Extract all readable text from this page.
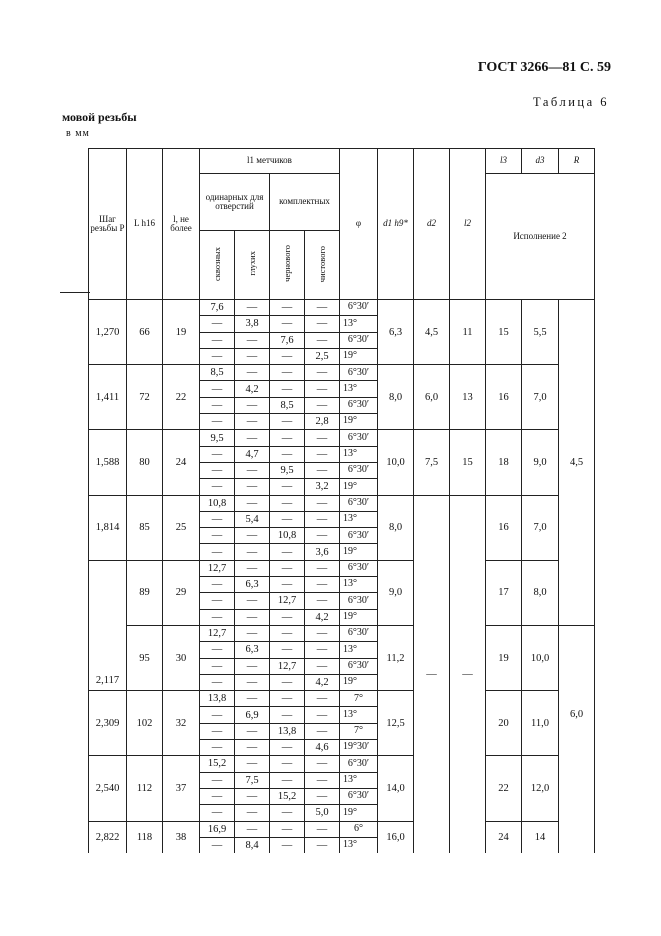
ГОСТ 3266—81 С. 59
Таблица 6
мовой резьбы
в мм
Шаг резьбы P	L h16	l, не более	l1 метчиков				φ	d1 h9*	d2	l2	l3	d3	R
			одинарных для отверстий		комплектных						Исполнение 2		
			сквозных	глухих	чернового	чистового							
1,270	66	19	7,6	—	—	—	6°30′	6,3	4,5	11	15	5,5	4,5
			—	3,8	—	—	13°						
			—	—	7,6	—	6°30′						
			—	—	—	2,5	19°						
1,411	72	22	8,5	—	—	—	6°30′	8,0	6,0	13	16	7,0	
			—	4,2	—	—	13°						
			—	—	8,5	—	6°30′						
			—	—	—	2,8	19°						
1,588	80	24	9,5	—	—	—	6°30′	10,0	7,5	15	18	9,0	
			—	4,7	—	—	13°						
			—	—	9,5	—	6°30′						
			—	—	—	3,2	19°						
1,814	85	25	10,8	—	—	—	6°30′	8,0	—	—	16	7,0	
			—	5,4	—	—	13°						
			—	—	10,8	—	6°30′						
			—	—	—	3,6	19°						
2,117	89	29	12,7	—	—	—	6°30′	9,0			17	8,0	
			—	6,3	—	—	13°						
			—	—	12,7	—	6°30′						
			—	—	—	4,2	19°						
	95	30	12,7	—	—	—	6°30′	11,2			19	10,0	6,0
			—	6,3	—	—	13°						
			—	—	12,7	—	6°30′						
			—	—	—	4,2	19°						
2,309	102	32	13,8	—	—	—	7°	12,5			20	11,0	
			—	6,9	—	—	13°						
			—	—	13,8	—	7°						
			—	—	—	4,6	19°30′						
2,540	112	37	15,2	—	—	—	6°30′	14,0			22	12,0	
			—	7,5	—	—	13°						
			—	—	15,2	—	6°30′						
			—	—	—	5,0	19°						
2,822	118	38	16,9	—	—	—	6°	16,0			24	14	
			—	8,4	—	—	13°						
